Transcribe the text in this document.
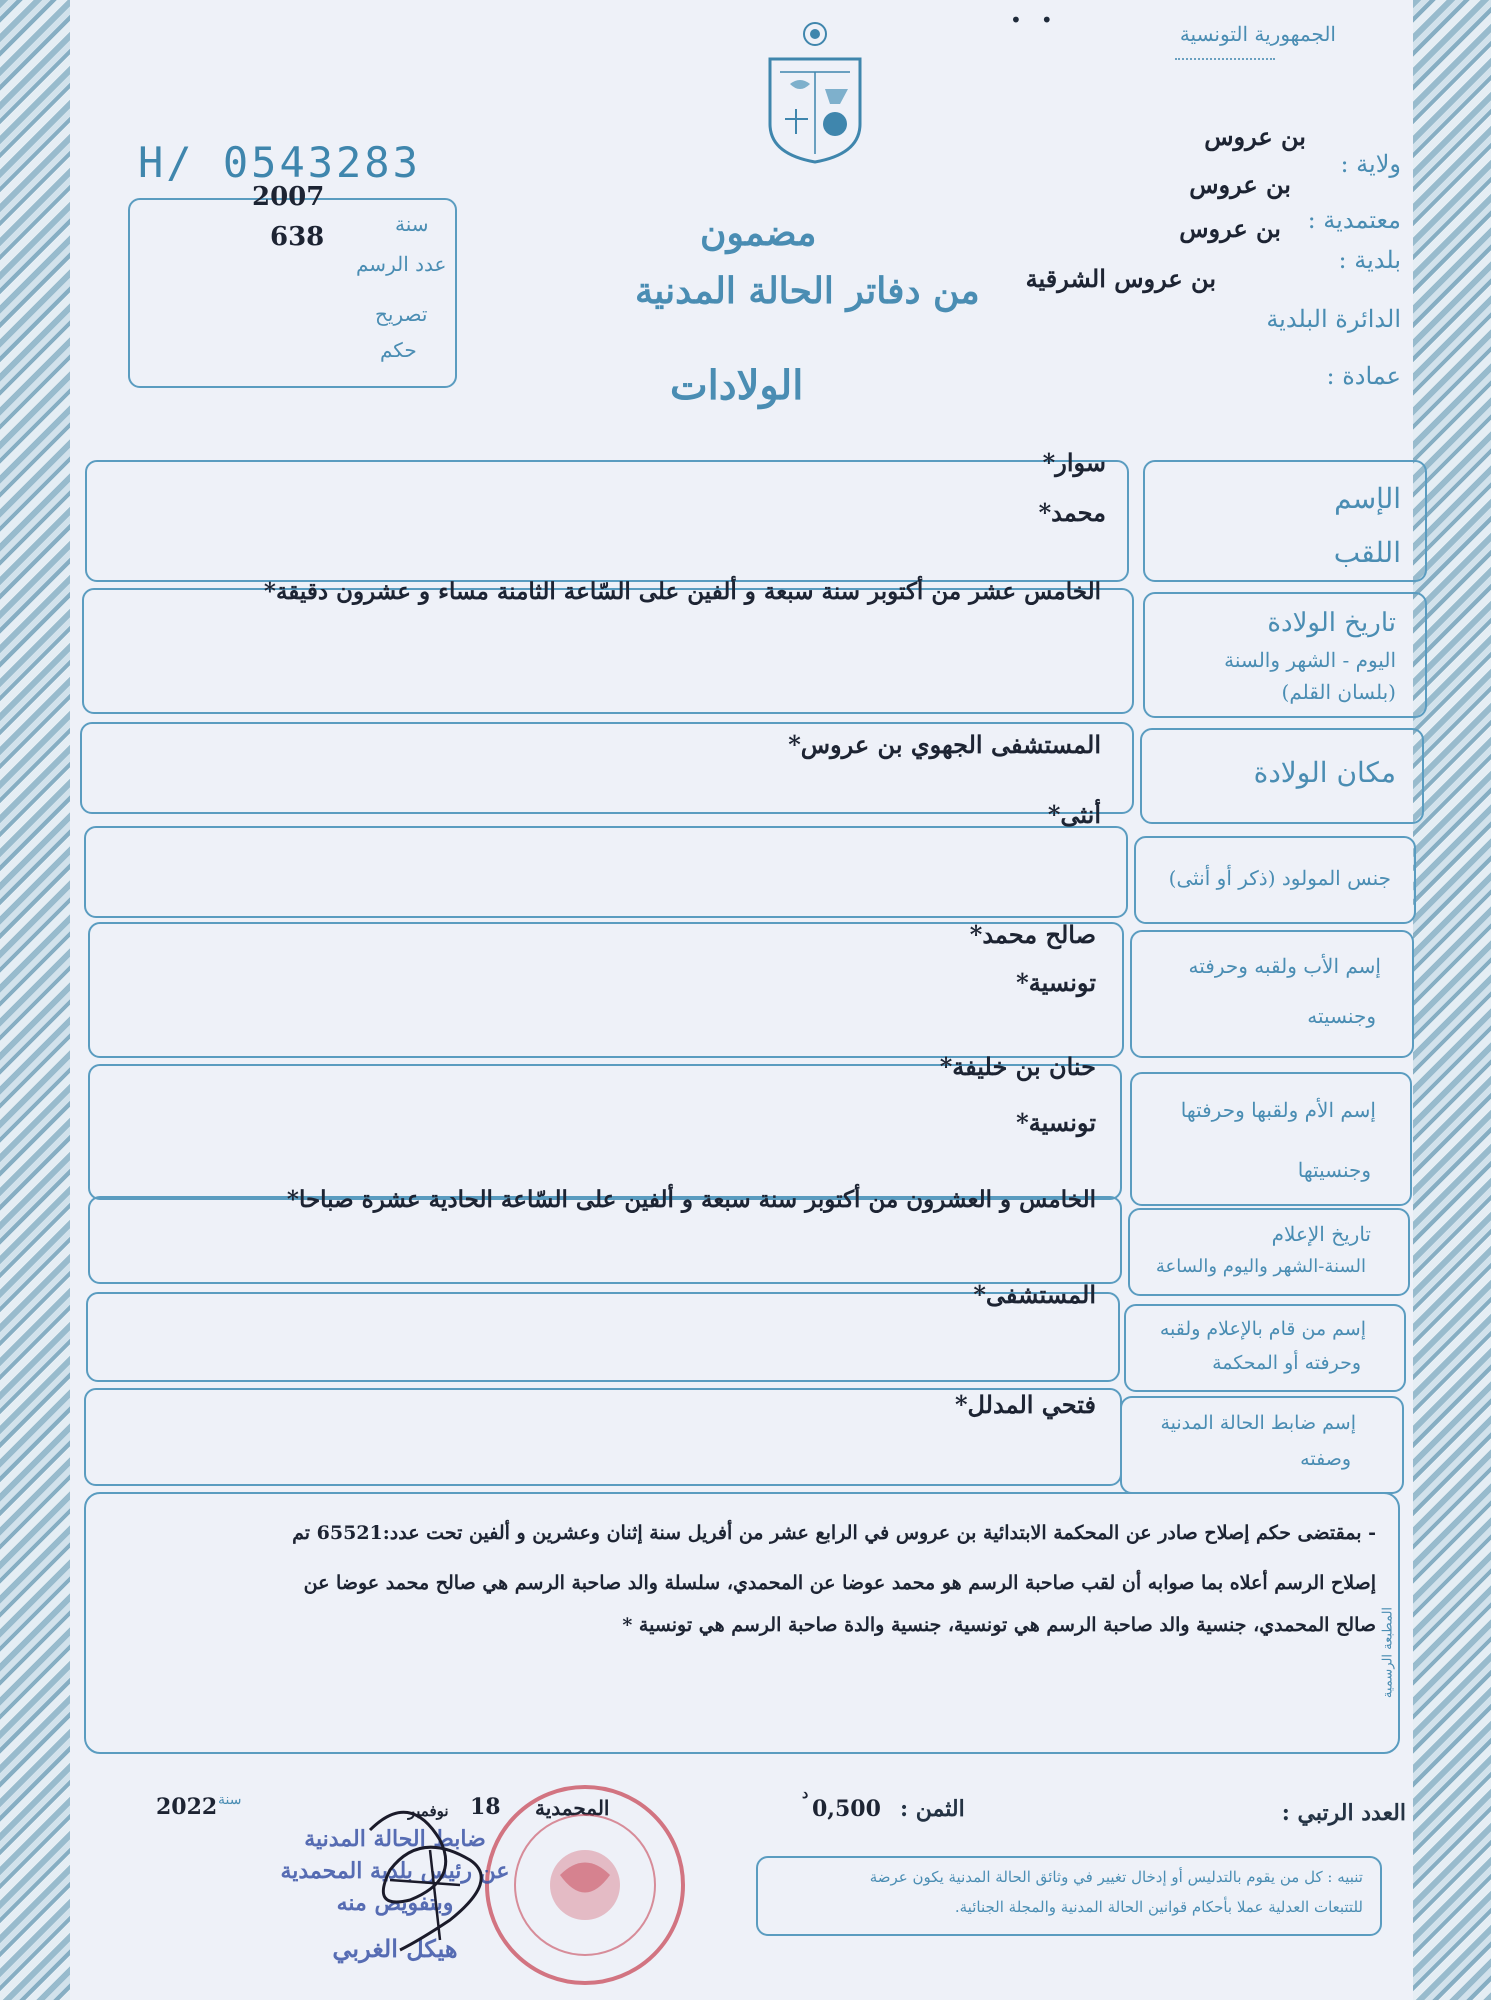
•   •
الجمهورية التونسية
H/ 0543283
2007
سنة
638
عدد الرسم
تصريح
حكم
مضمون
من دفاتر الحالة المدنية
الولادات
ولاية :
بن عروس
معتمدية :
بن عروس
بلدية :
بن عروس
الدائرة البلدية
بن عروس الشرقية
عمادة :
الإسم
اللقب
سوار*
محمد*
تاريخ الولادة
اليوم - الشهر والسنة
(بلسان القلم)
الخامس عشر من أكتوبر سنة سبعة و ألفين على السّاعة الثامنة مساء و عشرون دقيقة*
مكان الولادة
المستشفى الجهوي بن عروس*
جنس المولود (ذكر أو أنثى)
أنثى*
إسم الأب ولقبه وحرفته
وجنسيته
صالح محمد*
تونسية*
إسم الأم ولقبها وحرفتها
وجنسيتها
حنان بن خليفة*
تونسية*
تاريخ الإعلام
السنة-الشهر واليوم والساعة
الخامس و العشرون من أكتوبر سنة سبعة و ألفين على السّاعة الحادية عشرة صباحا*
إسم من قام بالإعلام ولقبه
وحرفته أو المحكمة
المستشفى*
إسم ضابط الحالة المدنية
وصفته
فتحي المدلل*
- بمقتضى حكم إصلاح صادر عن المحكمة الابتدائية بن عروس في الرابع عشر من أفريل سنة إثنان وعشرين و ألفين تحت عدد:65521 تم
إصلاح الرسم أعلاه بما صوابه أن لقب صاحبة الرسم هو محمد عوضا عن المحمدي، سلسلة والد صاحبة الرسم هي صالح محمد عوضا عن
صالح المحمدي، جنسية والد صاحبة الرسم هي تونسية، جنسية والدة صاحبة الرسم هي تونسية * المطبعة الرسمية
العدد الرتبي :
الثمن :
0,500
د
المحمدية
18
نوفمبر
سنة
2022
تنبيه : كل من يقوم بالتدليس أو إدخال تغيير في وثائق الحالة المدنية يكون عرضة
للتتبعات العدلية عملا بأحكام قوانين الحالة المدنية والمجلة الجنائية.
ضابط الحالة المدنية
عن رئيس بلدية المحمدية
وبتفويض منه
هيكل الغربي
